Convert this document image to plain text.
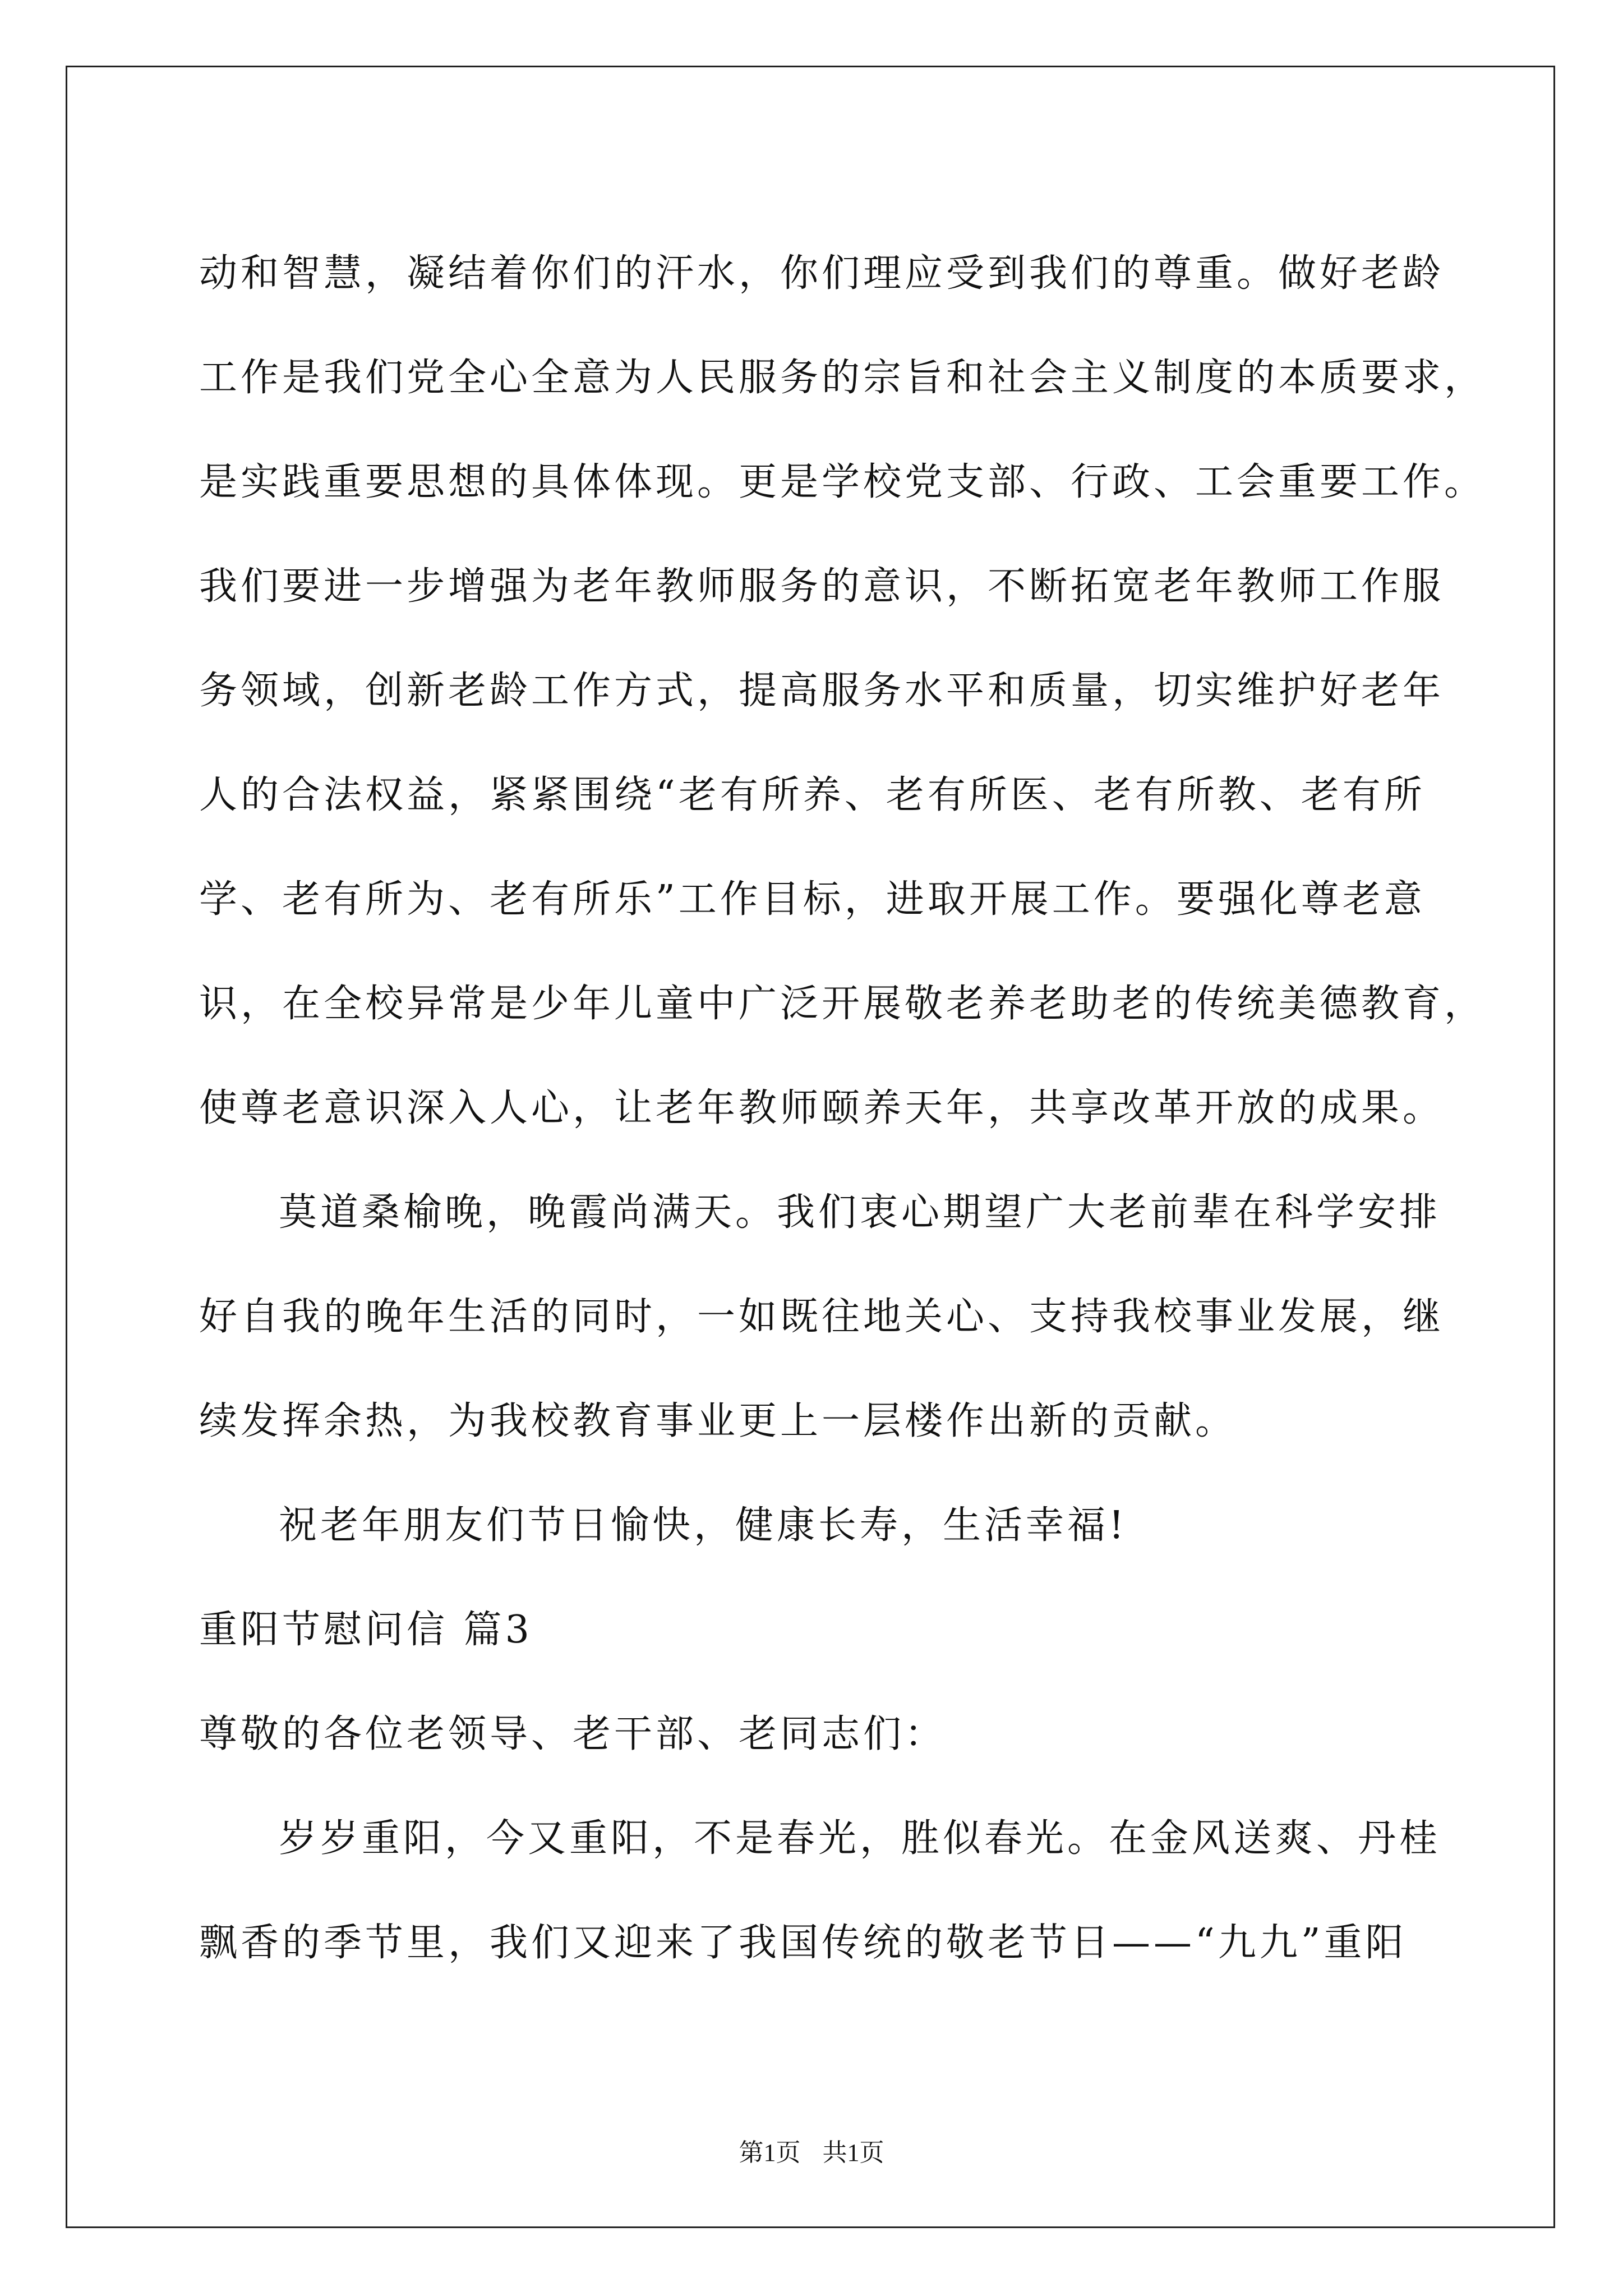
动和智慧，凝结着你们的汗水，你们理应受到我们的尊重。做好老龄
工作是我们党全心全意为人民服务的宗旨和社会主义制度的本质要求，
是实践重要思想的具体体现。更是学校党支部、行政、工会重要工作。
我们要进一步增强为老年教师服务的意识，不断拓宽老年教师工作服
务领域，创新老龄工作方式，提高服务水平和质量，切实维护好老年
人的合法权益，紧紧围绕“老有所养、老有所医、老有所教、老有所
学、老有所为、老有所乐”工作目标，进取开展工作。要强化尊老意
识，在全校异常是少年儿童中广泛开展敬老养老助老的传统美德教育，
使尊老意识深入人心，让老年教师颐养天年，共享改革开放的成果。
莫道桑榆晚，晚霞尚满天。我们衷心期望广大老前辈在科学安排
好自我的晚年生活的同时，一如既往地关心、支持我校事业发展，继
续发挥余热，为我校教育事业更上一层楼作出新的贡献。
祝老年朋友们节日愉快，健康长寿，生活幸福!
重阳节慰问信 篇3
尊敬的各位老领导、老干部、老同志们：
岁岁重阳，今又重阳，不是春光，胜似春光。在金风送爽、丹桂
飘香的季节里，我们又迎来了我国传统的敬老节日——“九九”重阳
第1页 共1页
